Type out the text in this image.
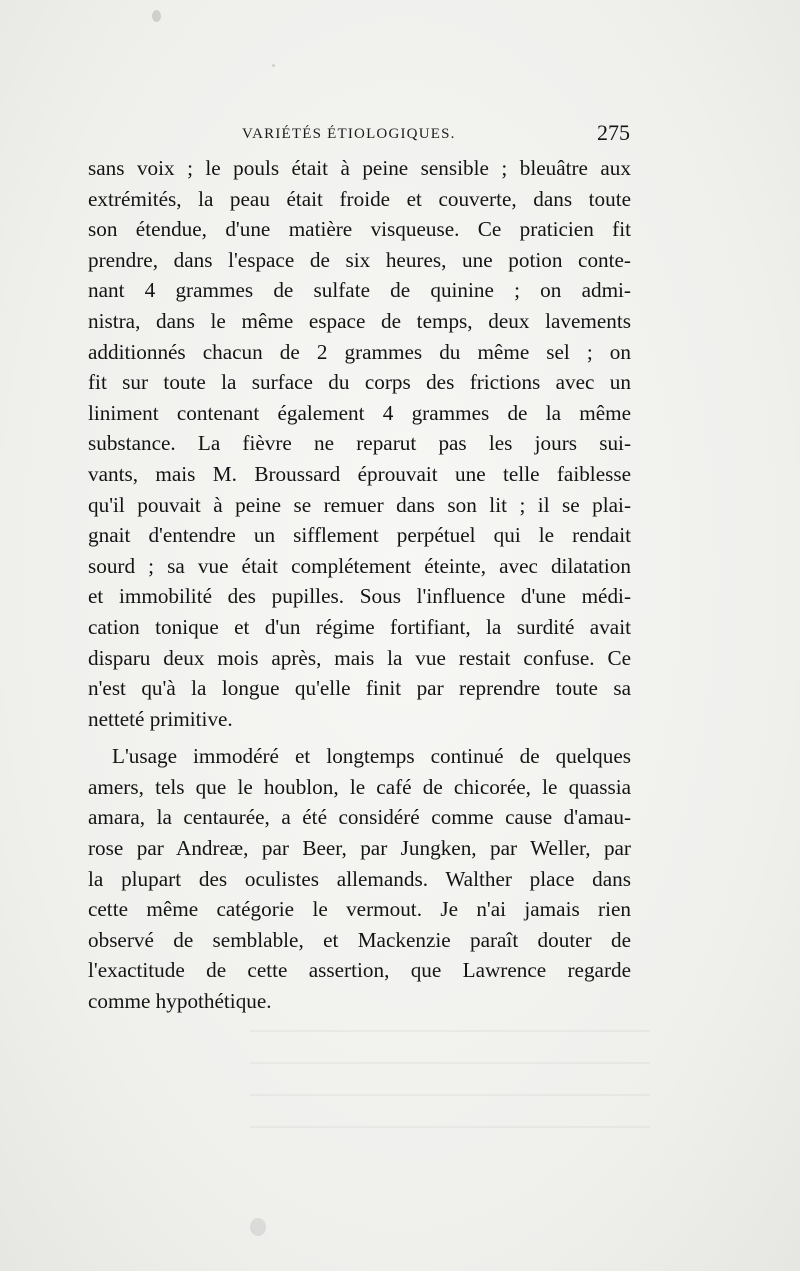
VARIÉTÉS ÉTIOLOGIQUES.	275
sans voix ; le pouls était à peine sensible ; bleuâtre aux
extrémités, la peau était froide et couverte, dans toute
son étendue, d'une matière visqueuse. Ce praticien fit
prendre, dans l'espace de six heures, une potion conte-
nant 4 grammes de sulfate de quinine ; on admi-
nistra, dans le même espace de temps, deux lavements
additionnés chacun de 2 grammes du même sel ; on
fit sur toute la surface du corps des frictions avec un
liniment contenant également 4 grammes de la même
substance. La fièvre ne reparut pas les jours sui-
vants, mais M. Broussard éprouvait une telle faiblesse
qu'il pouvait à peine se remuer dans son lit ; il se plai-
gnait d'entendre un sifflement perpétuel qui le rendait
sourd ; sa vue était complétement éteinte, avec dilatation
et immobilité des pupilles. Sous l'influence d'une médi-
cation tonique et d'un régime fortifiant, la surdité avait
disparu deux mois après, mais la vue restait confuse. Ce
n'est qu'à la longue qu'elle finit par reprendre toute sa
netteté primitive.
L'usage immodéré et longtemps continué de quelques
amers, tels que le houblon, le café de chicorée, le quassia
amara, la centaurée, a été considéré comme cause d'amau-
rose par Andreæ, par Beer, par Jungken, par Weller, par
la plupart des oculistes allemands. Walther place dans
cette même catégorie le vermout. Je n'ai jamais rien
observé de semblable, et Mackenzie paraît douter de
l'exactitude de cette assertion, que Lawrence regarde
comme hypothétique.
